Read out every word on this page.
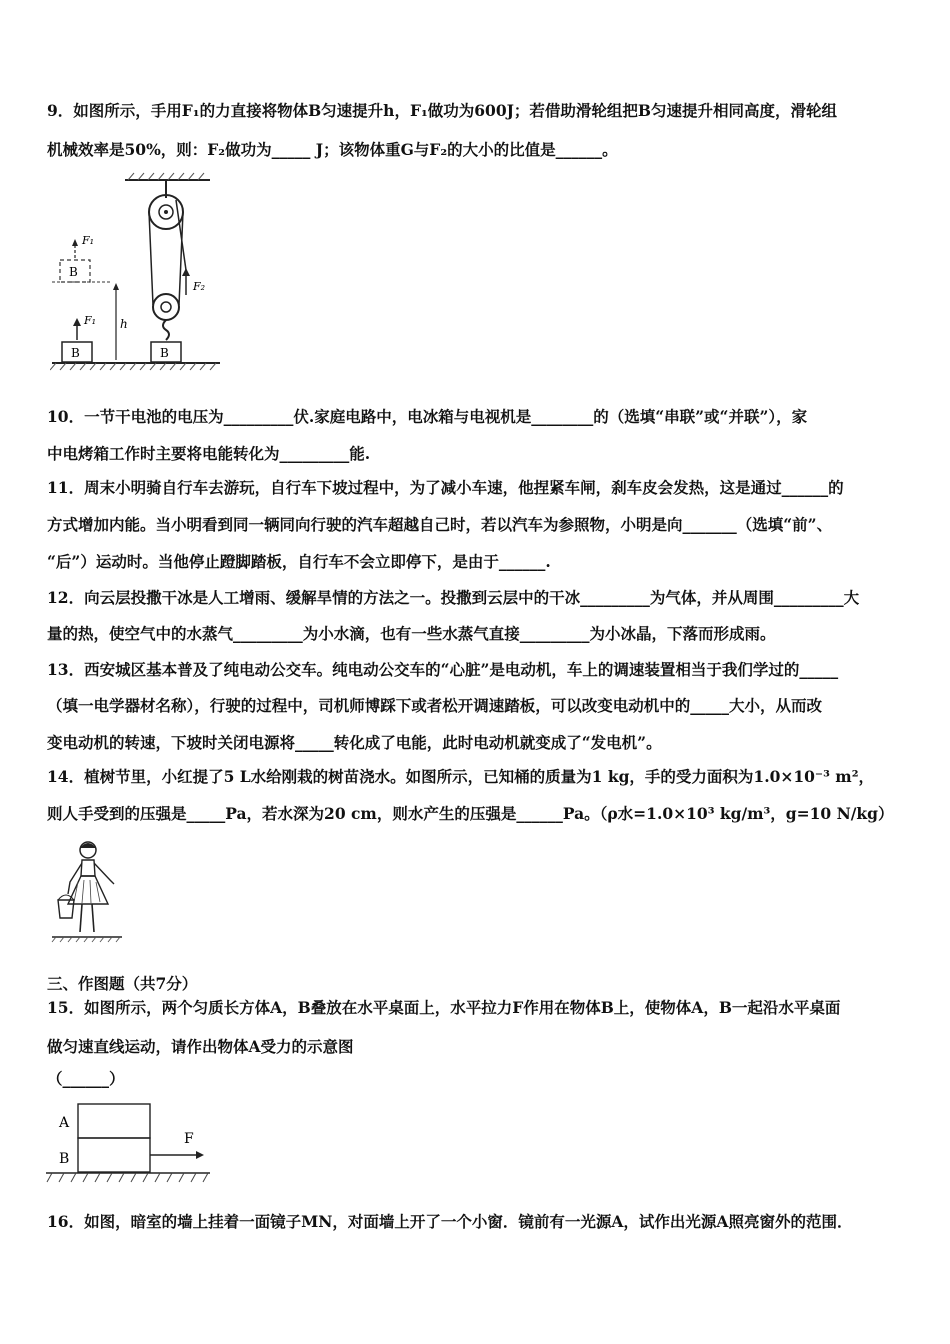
9．如图所示，手用F₁的力直接将物体B匀速提升h，F₁做功为600J；若借助滑轮组把B匀速提升相同高度，滑轮组
机械效率是50%，则：F₂做功为_____ J；该物体重G与F₂的大小的比值是______。
F₂
B
F₁
h
B
F₁
B
10．一节干电池的电压为_________伏.家庭电路中，电冰箱与电视机是________的（选填“串联”或“并联”），家
中电烤箱工作时主要将电能转化为_________能.
11．周末小明骑自行车去游玩，自行车下坡过程中，为了减小车速，他捏紧车闸，刹车皮会发热，这是通过______的
方式增加内能。当小明看到同一辆同向行驶的汽车超越自己时，若以汽车为参照物，小明是向_______（选填“前”、
“后”）运动时。当他停止蹬脚踏板，自行车不会立即停下，是由于______.
12．向云层投撒干冰是人工增雨、缓解旱情的方法之一。投撒到云层中的干冰_________为气体，并从周围_________大
量的热，使空气中的水蒸气_________为小水滴，也有一些水蒸气直接_________为小冰晶，下落而形成雨。
13．西安城区基本普及了纯电动公交车。纯电动公交车的“心脏”是电动机，车上的调速装置相当于我们学过的_____
（填一电学器材名称），行驶的过程中，司机师博踩下或者松开调速踏板，可以改变电动机中的_____大小，从而改
变电动机的转速，下坡时关闭电源将_____转化成了电能，此时电动机就变成了“发电机”。
14．植树节里，小红提了5 L水给刚栽的树苗浇水。如图所示，已知桶的质量为1 kg，手的受力面积为1.0×10⁻³ m²，
则人手受到的压强是_____Pa，若水深为20 cm，则水产生的压强是______Pa。（ρ水=1.0×10³ kg/m³，g=10 N/kg）
三、作图题（共7分）
15．如图所示，两个匀质长方体A，B叠放在水平桌面上，水平拉力F作用在物体B上，使物体A，B一起沿水平桌面
做匀速直线运动，请作出物体A受力的示意图
（______）
A
B
F
16．如图，暗室的墙上挂着一面镜子MN，对面墙上开了一个小窗．镜前有一光源A，试作出光源A照亮窗外的范围．
